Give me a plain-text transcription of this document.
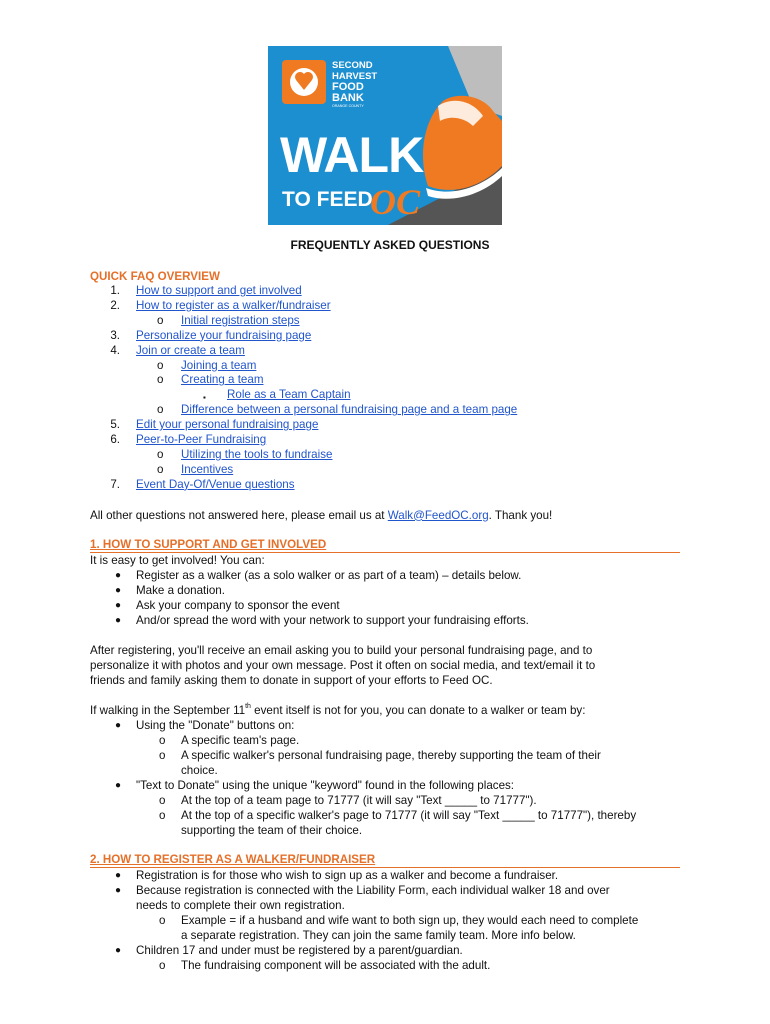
SECOND
HARVEST
FOOD
BANK
ORANGE COUNTY
WALK
TO FEED
OC
FREQUENTLY ASKED QUESTIONS
QUICK FAQ OVERVIEW
1. How to support and get involved
2. How to register as a walker/fundraiser
o	Initial registration steps
3. Personalize your fundraising page
4. Join or create a team
o	Joining a team
o	Creating a team
▪	Role as a Team Captain
o	Difference between a personal fundraising page and a team page
5. Edit your personal fundraising page
6. Peer-to-Peer Fundraising
o	Utilizing the tools to fundraise
o	Incentives
7. Event Day-Of/Venue questions
All other questions not answered here, please email us at Walk@FeedOC.org. Thank you!
1. HOW TO SUPPORT AND GET INVOLVED
It is easy to get involved! You can:
● Register as a walker (as a solo walker or as part of a team) – details below.
● Make a donation.
● Ask your company to sponsor the event
● And/or spread the word with your network to support your fundraising efforts.
After registering, you'll receive an email asking you to build your personal fundraising page, and to
personalize it with photos and your own message. Post it often on social media, and text/email it to
friends and family asking them to donate in support of your efforts to Feed OC.
If walking in the September 11th event itself is not for you, you can donate to a walker or team by:
● Using the "Donate" buttons on:
o A specific team's page.
o A specific walker's personal fundraising page, thereby supporting the team of their
choice.
● "Text to Donate" using the unique "keyword" found in the following places:
o At the top of a team page to 71777 (it will say "Text _____ to 71777").
o At the top of a specific walker's page to 71777 (it will say "Text _____ to 71777"), thereby
supporting the team of their choice.
2. HOW TO REGISTER AS A WALKER/FUNDRAISER
● Registration is for those who wish to sign up as a walker and become a fundraiser.
● Because registration is connected with the Liability Form, each individual walker 18 and over
needs to complete their own registration.
o Example = if a husband and wife want to both sign up, they would each need to complete
a separate registration. They can join the same family team. More info below.
● Children 17 and under must be registered by a parent/guardian.
o The fundraising component will be associated with the adult.
